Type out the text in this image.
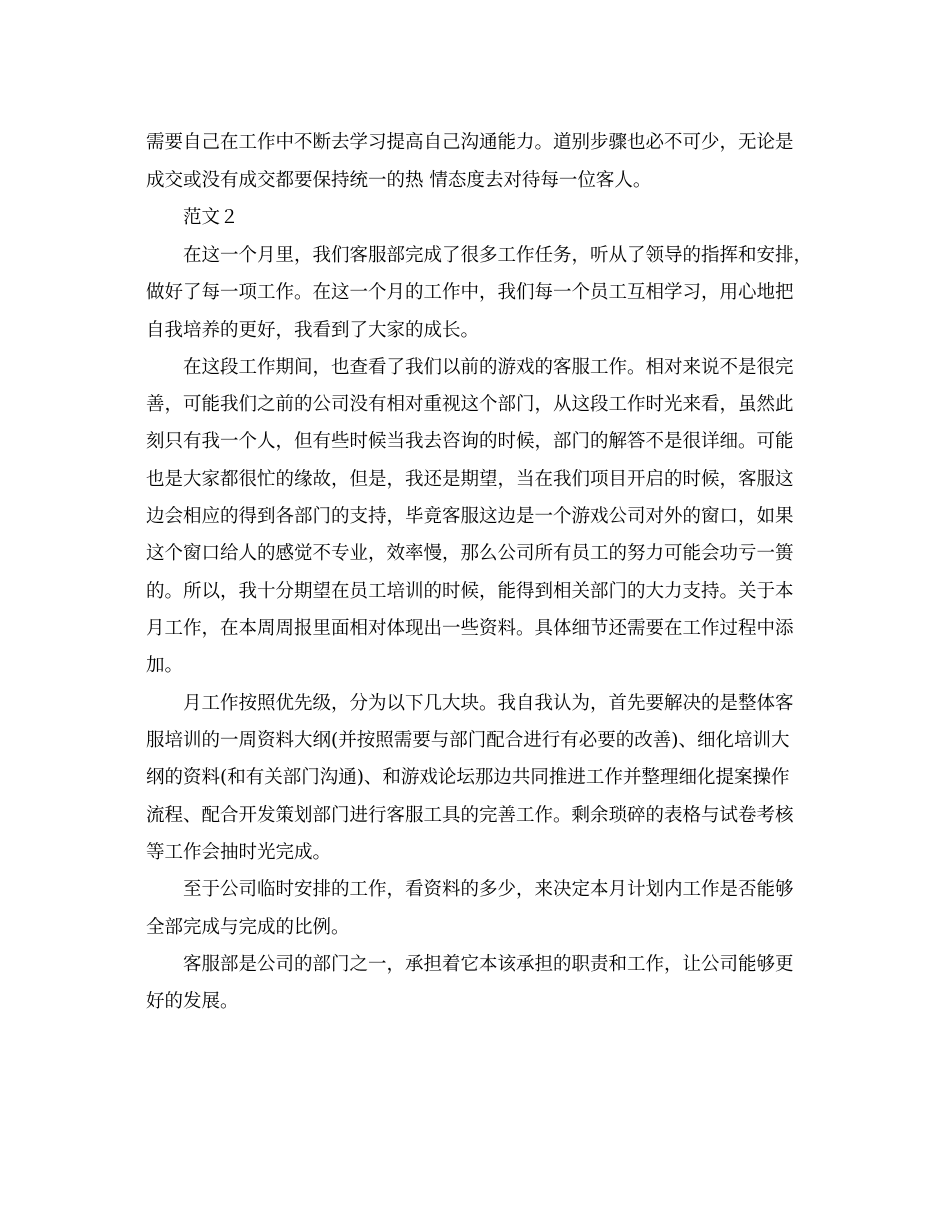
需要自己在工作中不断去学习提高自己沟通能力。道别步骤也必不可少，无论是
成交或没有成交都要保持统一的热 情态度去对待每一位客人。
范文２
在这一个月里，我们客服部完成了很多工作任务，听从了领导的指挥和安排，
做好了每一项工作。在这一个月的工作中，我们每一个员工互相学习，用心地把
自我培养的更好，我看到了大家的成长。
在这段工作期间，也查看了我们以前的游戏的客服工作。相对来说不是很完
善，可能我们之前的公司没有相对重视这个部门，从这段工作时光来看，虽然此
刻只有我一个人，但有些时候当我去咨询的时候，部门的解答不是很详细。可能
也是大家都很忙的缘故，但是，我还是期望，当在我们项目开启的时候，客服这
边会相应的得到各部门的支持，毕竟客服这边是一个游戏公司对外的窗口，如果
这个窗口给人的感觉不专业，效率慢，那么公司所有员工的努力可能会功亏一篑
的。所以，我十分期望在员工培训的时候，能得到相关部门的大力支持。关于本
月工作，在本周周报里面相对体现出一些资料。具体细节还需要在工作过程中添
加。
月工作按照优先级，分为以下几大块。我自我认为，首先要解决的是整体客
服培训的一周资料大纲(并按照需要与部门配合进行有必要的改善)、细化培训大
纲的资料(和有关部门沟通)、和游戏论坛那边共同推进工作并整理细化提案操作
流程、配合开发策划部门进行客服工具的完善工作。剩余琐碎的表格与试卷考核
等工作会抽时光完成。
至于公司临时安排的工作，看资料的多少，来决定本月计划内工作是否能够
全部完成与完成的比例。
客服部是公司的部门之一，承担着它本该承担的职责和工作，让公司能够更
好的发展。
